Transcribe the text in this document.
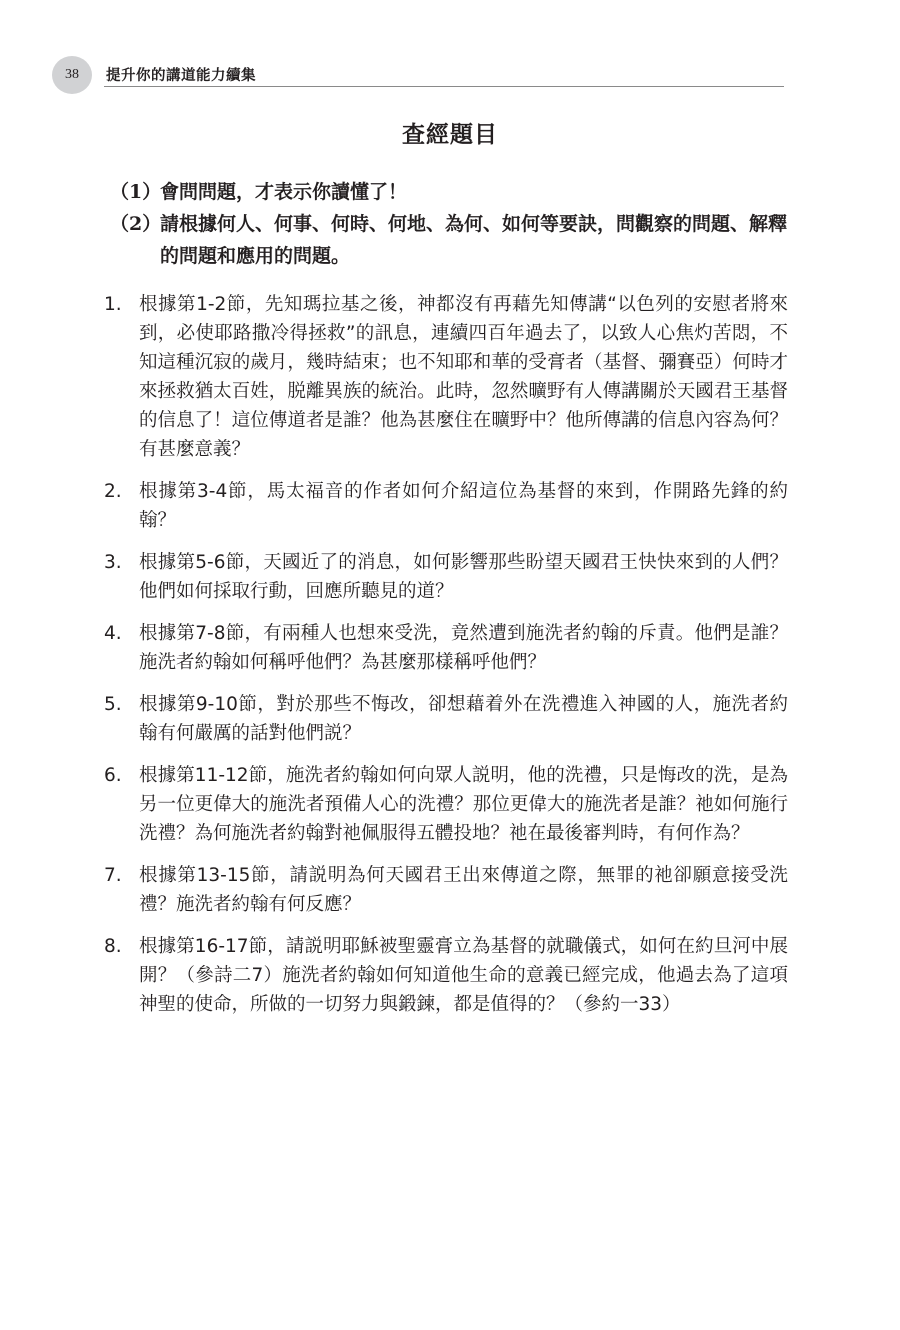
38	提升你的講道能力續集
查經題目
（1）
會問問題，才表示你讀懂了！
（2）
請根據何人、何事、何時、何地、為何、如何等要訣，問觀察的問題、解釋的問題和應用的問題。
1. 根據第1-2節，先知瑪拉基之後，神都沒有再藉先知傳講“以色列的安慰者將來到，必使耶路撒冷得拯救”的訊息，連續四百年過去了，以致人心焦灼苦悶，不知這種沉寂的歲月，幾時結束；也不知耶和華的受膏者（基督、彌賽亞）何時才來拯救猶太百姓，脱離異族的統治。此時，忽然曠野有人傳講關於天國君王基督的信息了！這位傳道者是誰？他為甚麼住在曠野中？他所傳講的信息內容為何？有甚麼意義？
2. 根據第3-4節，馬太福音的作者如何介紹這位為基督的來到，作開路先鋒的約翰？
3. 根據第5-6節，天國近了的消息，如何影響那些盼望天國君王快快來到的人們？他們如何採取行動，回應所聽見的道？
4. 根據第7-8節，有兩種人也想來受洗，竟然遭到施洗者約翰的斥責。他們是誰？施洗者約翰如何稱呼他們？為甚麼那樣稱呼他們？
5. 根據第9-10節，對於那些不悔改，卻想藉着外在洗禮進入神國的人，施洗者約翰有何嚴厲的話對他們説？
6. 根據第11-12節，施洗者約翰如何向眾人説明，他的洗禮，只是悔改的洗，是為另一位更偉大的施洗者預備人心的洗禮？那位更偉大的施洗者是誰？祂如何施行洗禮？為何施洗者約翰對祂佩服得五體投地？祂在最後審判時，有何作為？
7. 根據第13-15節，請説明為何天國君王出來傳道之際，無罪的祂卻願意接受洗禮？施洗者約翰有何反應？
8. 根據第16-17節，請説明耶穌被聖靈膏立為基督的就職儀式，如何在約旦河中展開？（參詩二7）施洗者約翰如何知道他生命的意義已經完成，他過去為了這項神聖的使命，所做的一切努力與鍛鍊，都是值得的？（參約一33）
